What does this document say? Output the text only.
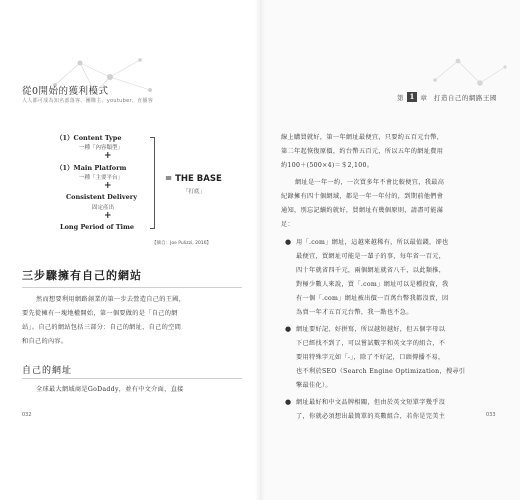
從0開始的獲利模式
人人都可成為知名部落客、團購主、youtuber、直播客
（1）Content Type
一種「內容類型」
+
（1）Main Platform
一種「主要平台」
+
Consistent Delivery
固定產出
+
Long Period of Time
= THE BASE
「打底」
【摘自：Joe Pulizzi, 2016】
三步驟擁有自己的網站
然而想要利用網路創業的第一步去營造自己的王國，
要先從擁有一塊地權開始，第一個要做的是「自己的網
站」。自己的網站包括三部分：自己的網址、自己的空間
和自己的內容。
自己的網址
全球最大網域商是GoDaddy，並有中文介面，直接
032
第 1 章 打造自己的網路王國
線上購買就好，第一年網址最便宜，只要約五百元台幣，
第二年起恢復原價，約台幣五百元，所以五年的網址費用
約100＋(500×4)＝＄2,100。
網址是一年一約，一次買多年不會比較便宜，我最高
紀錄擁有四十個網域，都是一年一年付的，到期前他們會
通知，別忘記續約就好，買網址有幾個原則，請盡可能滿
足：
● 用「.com」網址，這越來越稀有，所以最值錢，卻也
最便宜，買網址可能是一輩子的事，每年省一百元，
四十年就省四千元，兩個網址就省八千，以此類推，
對極少數人來說，買「.com」網址可以是種投資，我
有一個「.com」網址被出價一百萬台幣我都沒賣，因
為賣一年才五百元台幣，我一點也不急。
● 網址要好記、好拼寫，所以越短越好，但五個字母以
下已經找不到了，可以嘗試數字和英文字的組合，不
要用特殊字元如「-」，除了不好記，口頭傳播不易，
也不利於SEO（Search Engine Optimization，搜尋引
擎最佳化）。
● 網址最好和中文品牌相關，但由於英文短單字幾乎沒
了，你就必須想出最簡單的英數組合，若你是完美主	033
